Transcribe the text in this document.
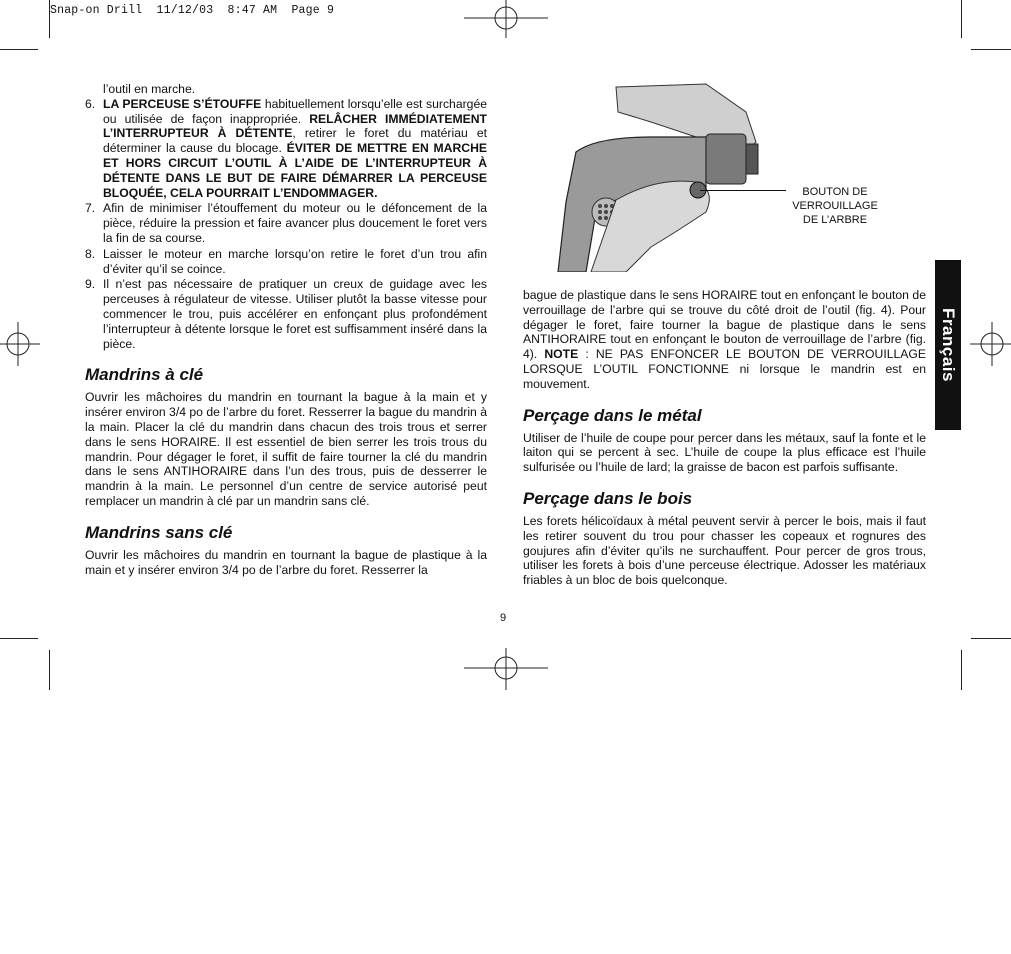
Snap-on Drill  11/12/03  8:47 AM  Page 9

l’outil en marche.

6. LA PERCEUSE S’ÉTOUFFE habituellement lorsqu’elle est surchargée ou utilisée de façon inappropriée. RELÂCHER IMMÉDIATEMENT L’INTERRUPTEUR À DÉTENTE, retirer le foret du matériau et déterminer la cause du blocage. ÉVITER DE METTRE EN MARCHE ET HORS CIRCUIT L’OUTIL À L’AIDE DE L’INTERRUPTEUR À DÉTENTE DANS LE BUT DE FAIRE DÉMARRER LA PERCEUSE BLOQUÉE, CELA POURRAIT L’ENDOMMAGER.
7. Afin de minimiser l’étouffement du moteur ou le défoncement de la pièce, réduire la pression et faire avancer plus doucement le foret vers la fin de sa course.
8. Laisser le moteur en marche lorsqu’on retire le foret d’un trou afin d’éviter qu’il se coince.
9. Il n’est pas nécessaire de pratiquer un creux de guidage avec les perceuses à régulateur de vitesse. Utiliser plutôt la basse vitesse pour commencer le trou, puis accélérer en enfonçant plus profondément l’interrupteur à détente lorsque le foret est suffisamment inséré dans la pièce.
Mandrins à clé

Ouvrir les mâchoires du mandrin en tournant la bague à la main et y insérer environ 3/4 po de l’arbre du foret. Resserrer la bague du mandrin à la main. Placer la clé du mandrin dans chacun des trois trous et serrer dans le sens HORAIRE. Il est essentiel de bien serrer les trois trous du mandrin. Pour dégager le foret, il suffit de faire tourner la clé du mandrin dans le sens ANTIHORAIRE dans l’un des trous, puis de desserrer le mandrin à la main. Le personnel d’un centre de service autorisé peut remplacer un mandrin à clé par un mandrin sans clé.

Mandrins sans clé

Ouvrir les mâchoires du mandrin en tournant la bague de plastique à la main et y insérer environ 3/4 po de l’arbre du foret. Resserrer la

BOUTON DE VERROUILLAGE DE L’ARBRE

bague de plastique dans le sens HORAIRE tout en enfonçant le bouton de verrouillage de l’arbre qui se trouve du côté droit de l’outil (fig. 4). Pour dégager le foret, faire tourner la bague de plastique dans le sens ANTIHORAIRE tout en enfonçant le bouton de verrouillage de l’arbre (fig. 4). NOTE : NE PAS ENFONCER LE BOUTON DE VERROUILLAGE LORSQUE L’OUTIL FONCTIONNE ni lorsque le mandrin est en mouvement.

Perçage dans le métal

Utiliser de l’huile de coupe pour percer dans les métaux, sauf la fonte et le laiton qui se percent à sec. L’huile de coupe la plus efficace est l’huile sulfurisée ou l’huile de lard; la graisse de bacon est parfois suffisante.

Perçage dans le bois

Les forets hélicoïdaux à métal peuvent servir à percer le bois, mais il faut les retirer souvent du trou pour chasser les copeaux et rognures des goujures afin d’éviter qu’ils ne surchauffent. Pour percer de gros trous, utiliser les forets à bois d’une perceuse électrique. Adosser les matériaux friables à un bloc de bois quelconque.

9
Français
